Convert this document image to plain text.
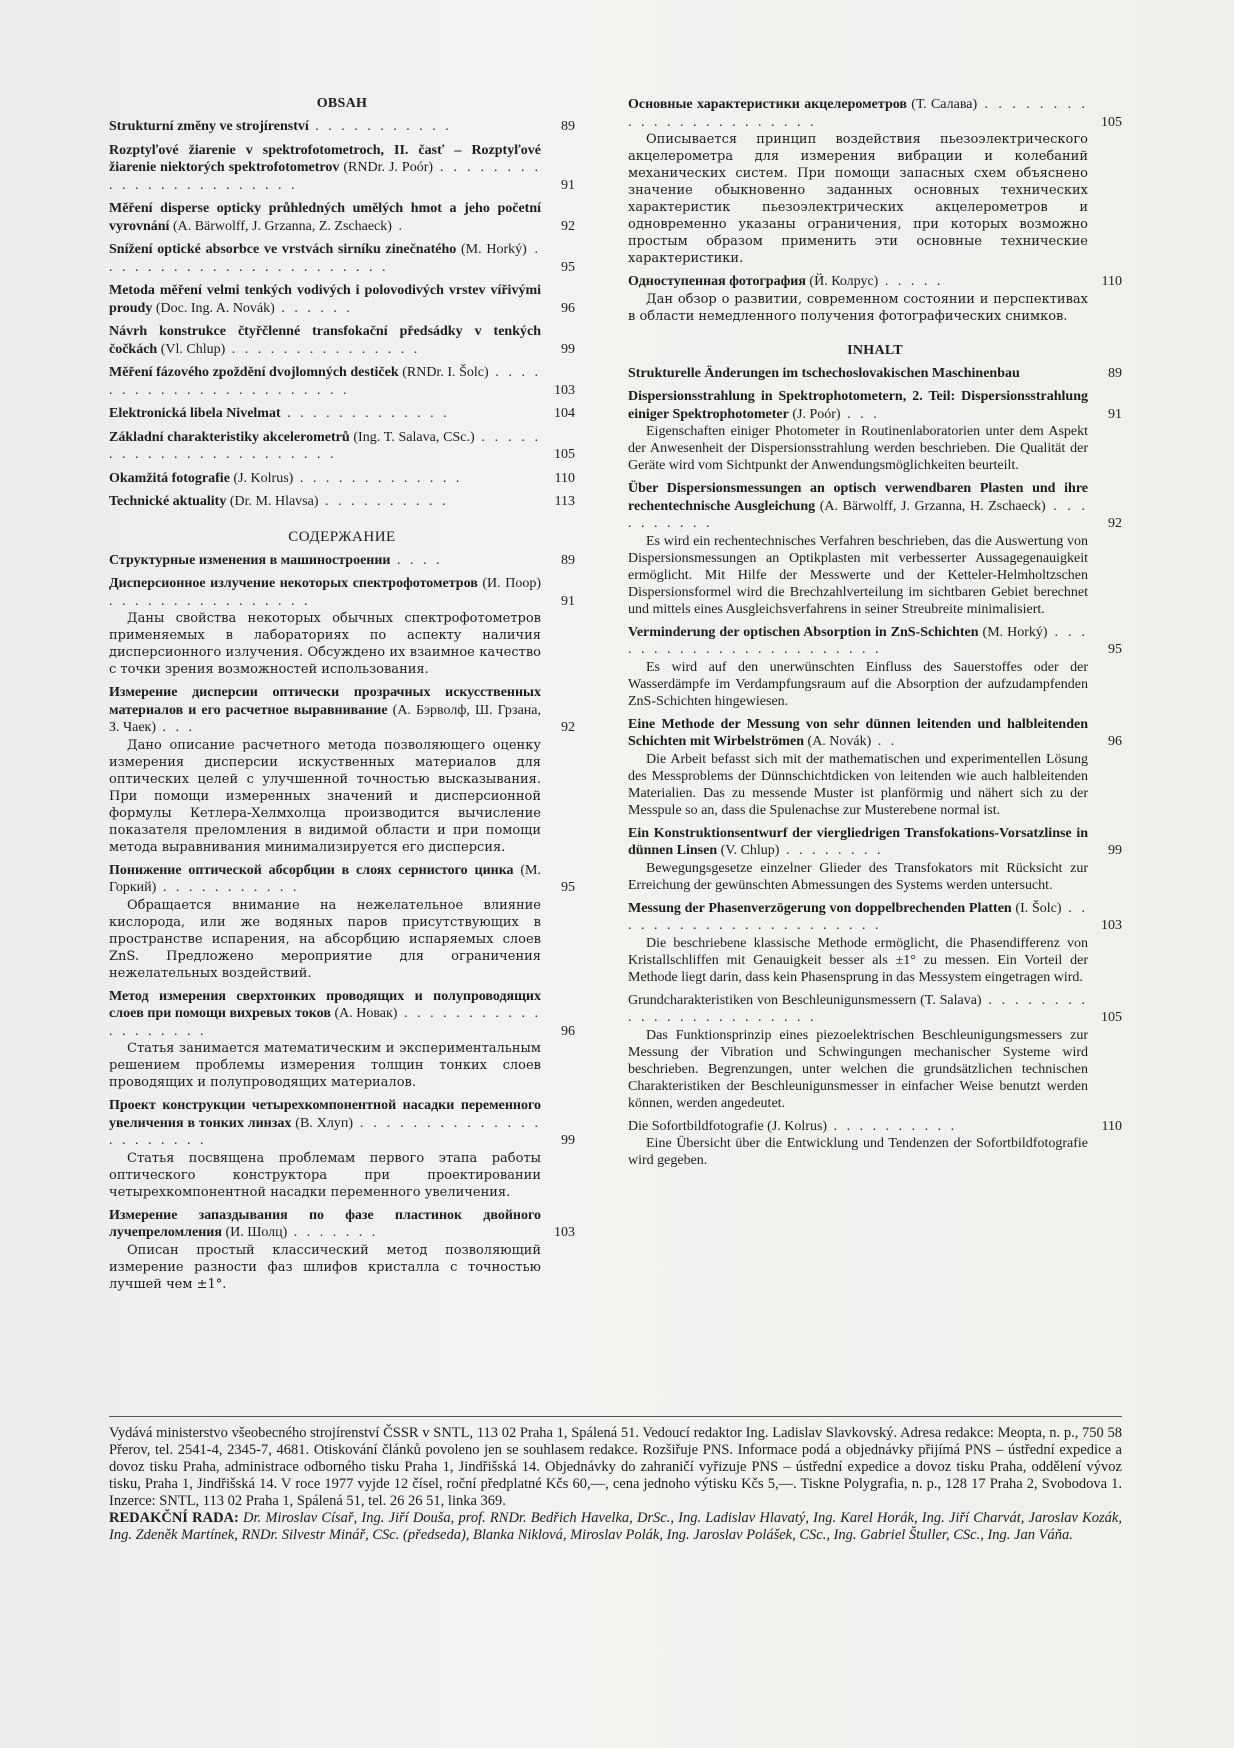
OBSAH
Strukturní změny ve strojírenství . . . . . . . . . . .	89
Rozptyľové žiarenie v spektrofotometroch, II. časť – Rozptyľové žiarenie niektorých spektrofotometrov (RNDr. J. Poór) . . . . . . . . . . . . . . . . . . . . . . .	91
Měření disperse opticky průhledných umělých hmot a jeho početní vyrovnání (A. Bärwolff, J. Grzanna, Z. Zschaeck) .	92
Snížení optické absorbce ve vrstvách sirníku zinečnatého (M. Horký) . . . . . . . . . . . . . . . . . . . . . . .	95
Metoda měření velmi tenkých vodivých i polovodivých vrstev vířivými proudy (Doc. Ing. A. Novák) . . . . . .	96
Návrh konstrukce čtyřčlenné transfokační předsádky v tenkých čočkách (Vl. Chlup) . . . . . . . . . . . . . . .	99
Měření fázového zpoždění dvojlomných destiček (RNDr. I. Šolc) . . . . . . . . . . . . . . . . . . . . . . .	103
Elektronická libela Nivelmat . . . . . . . . . . . . .	104
Základní charakteristiky akcelerometrů (Ing. T. Salava, CSc.) . . . . . . . . . . . . . . . . . . . . . . .	105
Okamžitá fotografie (J. Kolrus) . . . . . . . . . . . . .	110
Technické aktuality (Dr. M. Hlavsa) . . . . . . . . . .	113
СОДЕРЖАНИЕ
Структурные изменения в машиностроении . . . .	89
Дисперсионное излучение некоторых спектрофотометров (И. Поор) . . . . . . . . . . . . . . . .	91
Даны свойства некоторых обычных спектрофотометров применяемых в лабораториях по аспекту наличия дисперсионного излучения. Обсуждено их взаимное качество с точки зрения возможностей использования.
Измерение дисперсии оптически прозрачных искусственных материалов и его расчетное выравнивание (А. Бэрволф, Ш. Грзана, З. Чаек) . . .	92
Дано описание расчетного метода позволяющего оценку измерения дисперсии искуственных материалов для оптических целей с улучшенной точностью высказывания. При помощи измеренных значений и дисперсионной формулы Кетлера-Хелмхолца производится вычисление показателя преломления в видимой области и при помощи метода выравнивания минимализируется его дисперсия.
Понижение оптической абсорбции в слоях сернистого цинка (М. Горкий) . . . . . . . . . . .	95
Обращается внимание на нежелательное влияние кислорода, или же водяных паров присутствующих в пространстве испарения, на абсорбцию испаряемых слоев ZnS. Предложено мероприятие для ограничения нежелательных воздействий.
Метод измерения сверхтонких проводящих и полупроводящих слоев при помощи вихревых токов (А. Новак) . . . . . . . . . . . . . . . . . . .	96
Статья занимается математическим и экспериментальным решением проблемы измерения толщин тонких слоев проводящих и полупроводящих материалов.
Проект конструкции четырехкомпонентной насадки переменного увеличения в тонких линзах (В. Хлуп) . . . . . . . . . . . . . . . . . . . . . .	99
Статья посвящена проблемам первого этапа работы оптического конструктора при проектировании четырехкомпонентной насадки переменного увеличения.
Измерение запаздывания по фазе пластинок двойного лучепреломления (И. Шолц) . . . . . . .	103
Описан простый классический метод позволяющий измерение разности фаз шлифов кристалла с точностью лучшей чем ±1°.
Основные характеристики акцелерометров (Т. Салава) . . . . . . . . . . . . . . . . . . . . . . .	105
Описывается принцип воздействия пьезоэлектрического акцелерометра для измерения вибрации и колебаний механических систем. При помощи запасных схем объяснено значение обыкновенно заданных основных технических характеристик пьезоэлектрических акцелерометров и одновременно указаны ограничения, при которых возможно простым образом применить эти основные технические характеристики.
Одноступенная фотография (Й. Колрус) . . . . .	110
Дан обзор о развитии, современном состоянии и перспективах в области немедленного получения фотографических снимков.
INHALT
Strukturelle Änderungen im tschechoslovakischen Maschinenbau	89
Dispersionsstrahlung in Spektrophotometern, 2. Teil: Dispersionsstrahlung einiger Spektrophotometer (J. Poór) . . .	91
Eigenschaften einiger Photometer in Routinenlaboratorien unter dem Aspekt der Anwesenheit der Dispersionsstrahlung werden beschrieben. Die Qualität der Geräte wird vom Sichtpunkt der Anwendungsmöglichkeiten beurteilt.
Über Dispersionsmessungen an optisch verwendbaren Plasten und ihre rechentechnische Ausgleichung (A. Bärwolff, J. Grzanna, H. Zschaeck) . . . . . . . . . .	92
Es wird ein rechentechnisches Verfahren beschrieben, das die Auswertung von Dispersionsmessungen an Optikplasten mit verbesserter Aussagegenauigkeit ermöglicht. Mit Hilfe der Messwerte und der Ketteler-Helmholtzschen Dispersionsformel wird die Brechzahlverteilung im sichtbaren Gebiet berechnet und mittels eines Ausgleichsverfahrens in seiner Streubreite minimalisiert.
Verminderung der optischen Absorption in ZnS-Schichten (M. Horký) . . . . . . . . . . . . . . . . . . . . . . .	95
Es wird auf den unerwünschten Einfluss des Sauerstoffes oder der Wasserdämpfe im Verdampfungsraum auf die Absorption der aufzudampfenden ZnS-Schichten hingewiesen.
Eine Methode der Messung von sehr dünnen leitenden und halbleitenden Schichten mit Wirbelströmen (A. Novák) . .	96
Die Arbeit befasst sich mit der mathematischen und experimentellen Lösung des Messproblems der Dünnschichtdicken von leitenden wie auch halbleitenden Materialien. Das zu messende Muster ist planförmig und nähert sich zu der Messpule so an, dass die Spulenachse zur Musterebene normal ist.
Ein Konstruktionsentwurf der viergliedrigen Transfokations-Vorsatzlinse in dünnen Linsen (V. Chlup) . . . . . . . .	99
Bewegungsgesetze einzelner Glieder des Transfokators mit Rücksicht zur Erreichung der gewünschten Abmessungen des Systems werden untersucht.
Messung der Phasenverzögerung von doppelbrechenden Platten (I. Šolc) . . . . . . . . . . . . . . . . . . . . . .	103
Die beschriebene klassische Methode ermöglicht, die Phasendifferenz von Kristallschliffen mit Genauigkeit besser als ±1° zu messen. Ein Vorteil der Methode liegt darin, dass kein Phasensprung in das Messystem eingetragen wird.
Grundcharakteristiken von Beschleunigunsmessern (T. Salava) . . . . . . . . . . . . . . . . . . . . . . .	105
Das Funktionsprinzip eines piezoelektrischen Beschleunigungsmessers zur Messung der Vibration und Schwingungen mechanischer Systeme wird beschrieben. Begrenzungen, unter welchen die grundsätzlichen technischen Charakteristiken der Beschleunigunsmesser in einfacher Weise benutzt werden können, werden angedeutet.
Die Sofortbildfotografie (J. Kolrus) . . . . . . . . . .	110
Eine Übersicht über die Entwicklung und Tendenzen der Sofortbildfotografie wird gegeben.
Vydává ministerstvo všeobecného strojírenství ČSSR v SNTL, 113 02 Praha 1, Spálená 51. Vedoucí redaktor Ing. Ladislav Slavkovský. Adresa redakce: Meopta, n. p., 750 58 Přerov, tel. 2541-4, 2345-7, 4681. Otiskování článků povoleno jen se souhlasem redakce. Rozšiřuje PNS. Informace podá a objednávky přijímá PNS – ústřední expedice a dovoz tisku Praha, administrace odborného tisku Praha 1, Jindřišská 14. Objednávky do zahraničí vyřizuje PNS – ústřední expedice a dovoz tisku Praha, oddělení vývoz tisku, Praha 1, Jindřišská 14. V roce 1977 vyjde 12 čísel, roční předplatné Kčs 60,—, cena jednoho výtisku Kčs 5,—. Tiskne Polygrafia, n. p., 128 17 Praha 2, Svobodova 1. Inzerce: SNTL, 113 02 Praha 1, Spálená 51, tel. 26 26 51, linka 369.
REDAKČNÍ RADA: Dr. Miroslav Císař, Ing. Jiří Douša, prof. RNDr. Bedřich Havelka, DrSc., Ing. Ladislav Hlavatý, Ing. Karel Horák, Ing. Jiří Charvát, Jaroslav Kozák, Ing. Zdeněk Martínek, RNDr. Silvestr Minář, CSc. (předseda), Blanka Niklová, Miroslav Polák, Ing. Jaroslav Polášek, CSc., Ing. Gabriel Štuller, CSc., Ing. Jan Váňa.
